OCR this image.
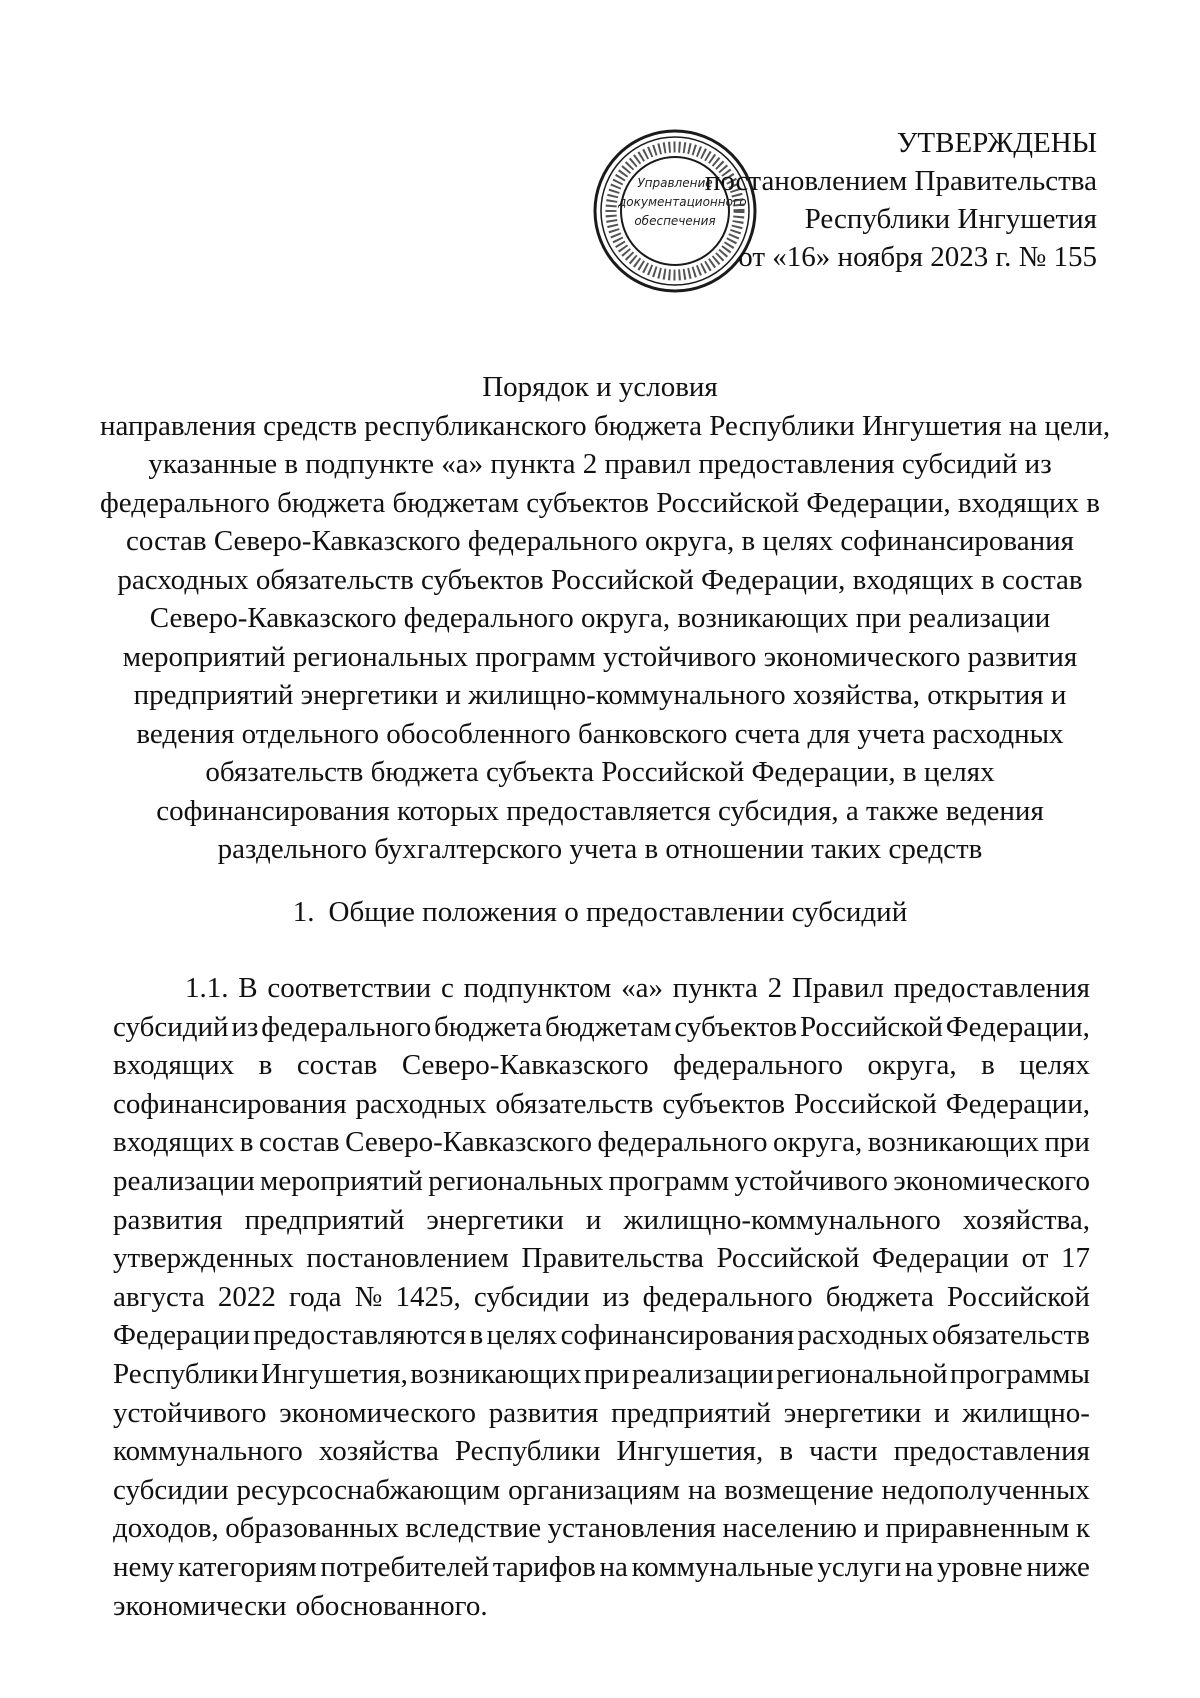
Управление
документационного
обеспечения
УТВЕРЖДЕНЫ
постановлением Правительства
Республики Ингушетия
от «16» ноября 2023 г. № 155
Порядок и условия
направления средств республиканского бюджета Республики Ингушетия на цели,
указанные в подпункте «а» пункта 2 правил предоставления субсидий из
федерального бюджета бюджетам субъектов Российской Федерации, входящих в
состав Северо-Кавказского федерального округа, в целях софинансирования
расходных обязательств субъектов Российской Федерации, входящих в состав
Северо-Кавказского федерального округа, возникающих при реализации
мероприятий региональных программ устойчивого экономического развития
предприятий энергетики и жилищно-коммунального хозяйства, открытия и
ведения отдельного обособленного банковского счета для учета расходных
обязательств бюджета субъекта Российской Федерации, в целях
софинансирования которых предоставляется субсидия, а также ведения
раздельного бухгалтерского учета в отношении таких средств
1. Общие положения о предоставлении субсидий
1.1. В соответствии с подпунктом «а» пункта 2 Правил предоставления
субсидий из федерального бюджета бюджетам субъектов Российской Федерации,
входящих в состав Северо-Кавказского федерального округа, в целях
софинансирования расходных обязательств субъектов Российской Федерации,
входящих в состав Северо-Кавказского федерального округа, возникающих при
реализации мероприятий региональных программ устойчивого экономического
развития предприятий энергетики и жилищно-коммунального хозяйства,
утвержденных постановлением Правительства Российской Федерации от 17
августа 2022 года № 1425, субсидии из федерального бюджета Российской
Федерации предоставляются в целях софинансирования расходных обязательств
Республики Ингушетия, возникающих при реализации региональной программы
устойчивого экономического развития предприятий энергетики и жилищно-
коммунального хозяйства Республики Ингушетия, в части предоставления
субсидии ресурсоснабжающим организациям на возмещение недополученных
доходов, образованных вследствие установления населению и приравненным к
нему категориям потребителей тарифов на коммунальные услуги на уровне ниже
экономически обоснованного.
